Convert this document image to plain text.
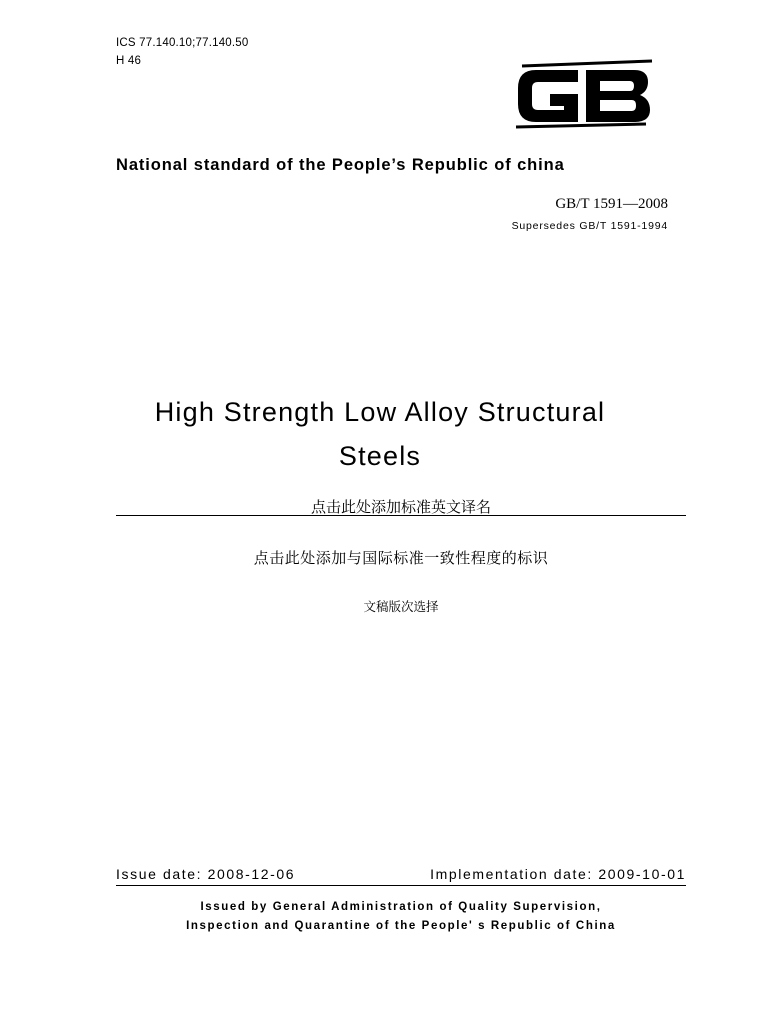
ICS 77.140.10;77.140.50
H 46
National standard of the People’s Republic of china
GB/T 1591—2008
Supersedes GB/T 1591-1994
High Strength Low Alloy Structural
Steels
点击此处添加标准英文译名
点击此处添加与国际标准一致性程度的标识
文稿版次选择
Issue date: 2008-12-06	Implementation date: 2009-10-01
Issued by General Administration of Quality Supervision,
Inspection and Quarantine of the People' s Republic of China
